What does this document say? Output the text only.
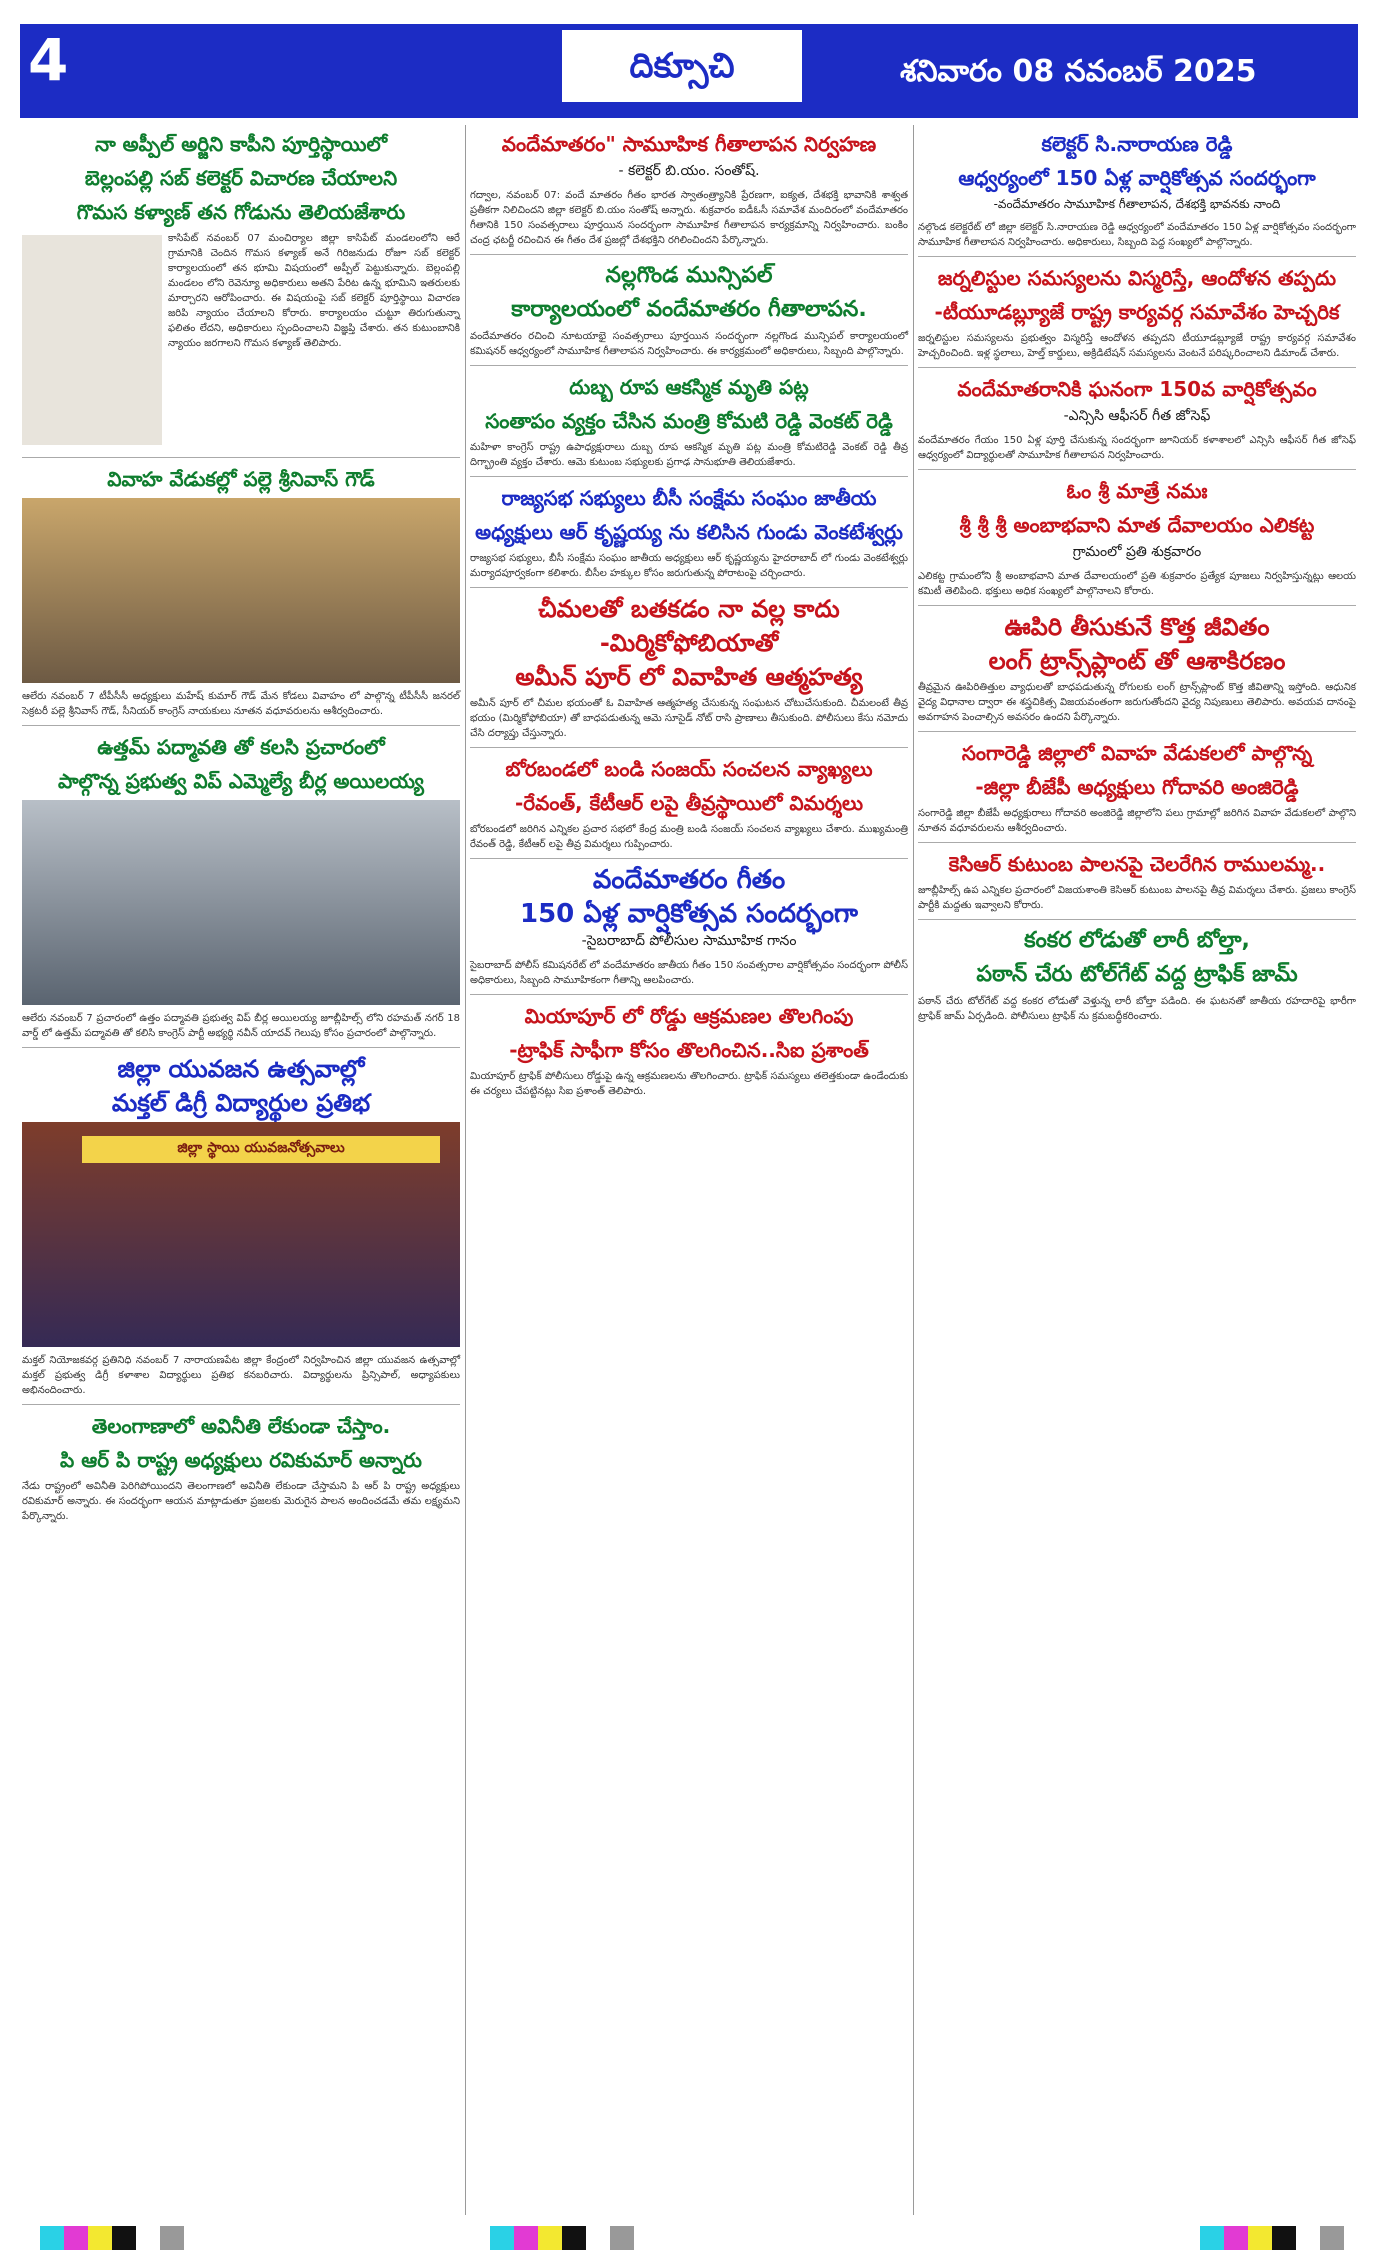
4	దిక్సూచి	శనివారం 08 నవంబర్ 2025
నా అప్పీల్ అర్జిని కాపీని పూర్తిస్థాయిలో
బెల్లంపల్లి సబ్ కలెక్టర్ విచారణ చేయాలని
గొమస కళ్యాణ్ తన గోడును తెలియజేశారు

కాసిపేట్ నవంబర్ 07 మంచిర్యాల జిల్లా కాసిపేట్ మండలంలోని ఆరే గ్రామానికి చెందిన గొమస కళ్యాణ్ అనే గిరిజనుడు రోజూ సబ్ కలెక్టర్ కార్యాలయంలో తన భూమి విషయంలో అప్పీల్ పెట్టుకున్నారు. బెల్లంపల్లి మండలం లోని రెవెన్యూ అధికారులు అతని పేరిట ఉన్న భూమిని ఇతరులకు మార్చారని ఆరోపించారు. ఈ విషయంపై సబ్ కలెక్టర్ పూర్తిస్థాయి విచారణ జరిపి న్యాయం చేయాలని కోరారు. కార్యాలయం చుట్టూ తిరుగుతున్నా ఫలితం లేదని, అధికారులు స్పందించాలని విజ్ఞప్తి చేశారు. తన కుటుంబానికి న్యాయం జరగాలని గొమస కళ్యాణ్ తెలిపారు.

వివాహ వేడుకల్లో పల్లె శ్రీనివాస్ గౌడ్

ఆలేరు నవంబర్ 7 టీపీసీసీ అధ్యక్షులు మహేష్ కుమార్ గౌడ్ మేన కోడలు వివాహం లో పాల్గొన్న టీపీసీసీ జనరల్ సెక్రటరీ పల్లె శ్రీనివాస్ గౌడ్, సీనియర్ కాంగ్రెస్ నాయకులు నూతన వధూవరులను ఆశీర్వదించారు.

ఉత్తమ్ పద్మావతి తో కలసి ప్రచారంలో
పాల్గొన్న ప్రభుత్వ విప్ ఎమ్మెల్యే బీర్ల అయిలయ్య

ఆలేరు నవంబర్ 7 ప్రచారంలో ఉత్తం పద్మావతి ప్రభుత్వ విప్ బీర్ల అయిలయ్య జూబ్లీహిల్స్ లోని రహమత్ నగర్ 18 వార్డ్ లో ఉత్తమ్ పద్మావతి తో కలిసి కాంగ్రెస్ పార్టీ అభ్యర్థి నవీన్ యాదవ్ గెలుపు కోసం ప్రచారంలో పాల్గొన్నారు.

జిల్లా యువజన ఉత్సవాల్లో
మక్తల్ డిగ్రీ విద్యార్థుల ప్రతిభ
జిల్లా స్థాయి యువజనోత్సవాలు

మక్తల్ నియోజకవర్గ ప్రతినిధి నవంబర్ 7 నారాయణపేట జిల్లా కేంద్రంలో నిర్వహించిన జిల్లా యువజన ఉత్సవాల్లో మక్తల్ ప్రభుత్వ డిగ్రీ కళాశాల విద్యార్థులు ప్రతిభ కనబరిచారు. విద్యార్థులను ప్రిన్సిపాల్, అధ్యాపకులు అభినందించారు.

తెలంగాణాలో అవినీతి లేకుండా చేస్తాం.
పి ఆర్ పి రాష్ట్ర అధ్యక్షులు రవికుమార్ అన్నారు

నేడు రాష్ట్రంలో అవినీతి పెరిగిపోయిందని తెలంగాణలో అవినీతి లేకుండా చేస్తామని పి ఆర్ పి రాష్ట్ర అధ్యక్షులు రవికుమార్ అన్నారు. ఈ సందర్భంగా ఆయన మాట్లాడుతూ ప్రజలకు మెరుగైన పాలన అందించడమే తమ లక్ష్యమని పేర్కొన్నారు.

వందేమాతరం" సామూహిక గీతాలాపన నిర్వహణ
- కలెక్టర్ బి.యం. సంతోష్.

గద్వాల, నవంబర్ 07: వందే మాతరం గీతం భారత స్వాతంత్ర్యానికి ప్రేరణగా, ఐక్యత, దేశభక్తి భావానికి శాశ్వత ప్రతీకగా నిలిచిందని జిల్లా కలెక్టర్ బి.యం సంతోష్ అన్నారు. శుక్రవారం ఐడీఓసీ సమావేశ మందిరంలో వందేమాతరం గీతానికి 150 సంవత్సరాలు పూర్తయిన సందర్భంగా సామూహిక గీతాలాపన కార్యక్రమాన్ని నిర్వహించారు. బంకిం చంద్ర ఛటర్జీ రచించిన ఈ గీతం దేశ ప్రజల్లో దేశభక్తిని రగిలించిందని పేర్కొన్నారు.

నల్లగొండ మున్సిపల్
కార్యాలయంలో వందేమాతరం గీతాలాపన.

వందేమాతరం రచించి నూటయాభై సంవత్సరాలు పూర్తయిన సందర్భంగా నల్లగొండ మున్సిపల్ కార్యాలయంలో కమిషనర్ ఆధ్వర్యంలో సామూహిక గీతాలాపన నిర్వహించారు. ఈ కార్యక్రమంలో అధికారులు, సిబ్బంది పాల్గొన్నారు.

దుబ్బ రూప ఆకస్మిక మృతి పట్ల
సంతాపం వ్యక్తం చేసిన మంత్రి కోమటి రెడ్డి వెంకట్ రెడ్డి

మహిళా కాంగ్రెస్ రాష్ట్ర ఉపాధ్యక్షురాలు దుబ్బ రూప ఆకస్మిక మృతి పట్ల మంత్రి కోమటిరెడ్డి వెంకట్ రెడ్డి తీవ్ర దిగ్భ్రాంతి వ్యక్తం చేశారు. ఆమె కుటుంబ సభ్యులకు ప్రగాఢ సానుభూతి తెలియజేశారు.

రాజ్యసభ సభ్యులు బీసీ సంక్షేమ సంఘం జాతీయ
అధ్యక్షులు ఆర్ కృష్ణయ్య ను కలిసిన గుండు వెంకటేశ్వర్లు

రాజ్యసభ సభ్యులు, బీసీ సంక్షేమ సంఘం జాతీయ అధ్యక్షులు ఆర్ కృష్ణయ్యను హైదరాబాద్ లో గుండు వెంకటేశ్వర్లు మర్యాదపూర్వకంగా కలిశారు. బీసీల హక్కుల కోసం జరుగుతున్న పోరాటంపై చర్చించారు.

చీమలతో బతకడం నా వల్ల కాదు
-మిర్మికోఫోబియాతో
అమీన్ పూర్ లో వివాహిత ఆత్మహత్య

అమీన్ పూర్ లో చీమల భయంతో ఓ వివాహిత ఆత్మహత్య చేసుకున్న సంఘటన చోటుచేసుకుంది. చీమలంటే తీవ్ర భయం (మిర్మికోఫోబియా) తో బాధపడుతున్న ఆమె సూసైడ్ నోట్ రాసి ప్రాణాలు తీసుకుంది. పోలీసులు కేసు నమోదు చేసి దర్యాప్తు చేస్తున్నారు.

బోరబండలో బండి సంజయ్ సంచలన వ్యాఖ్యలు
-రేవంత్, కేటీఆర్ లపై తీవ్రస్థాయిలో విమర్శలు

బోరబండలో జరిగిన ఎన్నికల ప్రచార సభలో కేంద్ర మంత్రి బండి సంజయ్ సంచలన వ్యాఖ్యలు చేశారు. ముఖ్యమంత్రి రేవంత్ రెడ్డి, కేటీఆర్ లపై తీవ్ర విమర్శలు గుప్పించారు.

వందేమాతరం గీతం
150 ఏళ్ల వార్షికోత్సవ సందర్భంగా
-సైబరాబాద్ పోలీసుల సామూహిక గానం

సైబరాబాద్ పోలీస్ కమిషనరేట్ లో వందేమాతరం జాతీయ గీతం 150 సంవత్సరాల వార్షికోత్సవం సందర్భంగా పోలీస్ అధికారులు, సిబ్బంది సామూహికంగా గీతాన్ని ఆలపించారు.

మియాపూర్ లో రోడ్డు ఆక్రమణల తొలగింపు
-ట్రాఫిక్ సాఫీగా కోసం తొలగించిన..సిఐ ప్రశాంత్

మియాపూర్ ట్రాఫిక్ పోలీసులు రోడ్డుపై ఉన్న ఆక్రమణలను తొలగించారు. ట్రాఫిక్ సమస్యలు తలెత్తకుండా ఉండేందుకు ఈ చర్యలు చేపట్టినట్లు సిఐ ప్రశాంత్ తెలిపారు.

కలెక్టర్ సి.నారాయణ రెడ్డి
ఆధ్వర్యంలో 150 ఏళ్ల వార్షికోత్సవ సందర్భంగా
-వందేమాతరం సామూహిక గీతాలాపన, దేశభక్తి భావనకు నాంది

నల్గొండ కలెక్టరేట్ లో జిల్లా కలెక్టర్ సి.నారాయణ రెడ్డి ఆధ్వర్యంలో వందేమాతరం 150 ఏళ్ల వార్షికోత్సవం సందర్భంగా సామూహిక గీతాలాపన నిర్వహించారు. అధికారులు, సిబ్బంది పెద్ద సంఖ్యలో పాల్గొన్నారు.

జర్నలిస్టుల సమస్యలను విస్మరిస్తే, ఆందోళన తప్పదు
-టీయూడబ్ల్యూజే రాష్ట్ర కార్యవర్గ సమావేశం హెచ్చరిక

జర్నలిస్టుల సమస్యలను ప్రభుత్వం విస్మరిస్తే ఆందోళన తప్పదని టీయూడబ్ల్యూజే రాష్ట్ర కార్యవర్గ సమావేశం హెచ్చరించింది. ఇళ్ల స్థలాలు, హెల్త్ కార్డులు, అక్రిడిటేషన్ సమస్యలను వెంటనే పరిష్కరించాలని డిమాండ్ చేశారు.

వందేమాతరానికి ఘనంగా 150వ వార్షికోత్సవం
-ఎన్సిసి ఆఫీసర్ గీత జోసెఫ్

వందేమాతరం గేయం 150 ఏళ్ల పూర్తి చేసుకున్న సందర్భంగా జూనియర్ కళాశాలలో ఎన్సిసి ఆఫీసర్ గీత జోసెఫ్ ఆధ్వర్యంలో విద్యార్థులతో సామూహిక గీతాలాపన నిర్వహించారు.

ఓం శ్రీ మాత్రే నమః
శ్రీ శ్రీ శ్రీ అంబాభవాని మాత దేవాలయం ఎలికట్ట
గ్రామంలో ప్రతి శుక్రవారం

ఎలికట్ట గ్రామంలోని శ్రీ అంబాభవాని మాత దేవాలయంలో ప్రతి శుక్రవారం ప్రత్యేక పూజలు నిర్వహిస్తున్నట్లు ఆలయ కమిటీ తెలిపింది. భక్తులు అధిక సంఖ్యలో పాల్గొనాలని కోరారు.

ఊపిరి తీసుకునే కొత్త జీవితం
లంగ్ ట్రాన్స్‌ప్లాంట్ తో ఆశాకిరణం

తీవ్రమైన ఊపిరితిత్తుల వ్యాధులతో బాధపడుతున్న రోగులకు లంగ్ ట్రాన్స్‌ప్లాంట్ కొత్త జీవితాన్ని ఇస్తోంది. ఆధునిక వైద్య విధానాల ద్వారా ఈ శస్త్రచికిత్స విజయవంతంగా జరుగుతోందని వైద్య నిపుణులు తెలిపారు. అవయవ దానంపై అవగాహన పెంచాల్సిన అవసరం ఉందని పేర్కొన్నారు.

సంగారెడ్డి జిల్లాలో వివాహ వేడుకలలో పాల్గొన్న
-జిల్లా బీజేపీ అధ్యక్షులు గోదావరి అంజిరెడ్డి

సంగారెడ్డి జిల్లా బీజేపీ అధ్యక్షురాలు గోదావరి అంజిరెడ్డి జిల్లాలోని పలు గ్రామాల్లో జరిగిన వివాహ వేడుకలలో పాల్గొని నూతన వధూవరులను ఆశీర్వదించారు.

కెసిఆర్ కుటుంబ పాలనపై చెలరేగిన రాములమ్మ..

జూబ్లీహిల్స్ ఉప ఎన్నికల ప్రచారంలో విజయశాంతి కెసిఆర్ కుటుంబ పాలనపై తీవ్ర విమర్శలు చేశారు. ప్రజలు కాంగ్రెస్ పార్టీకి మద్దతు ఇవ్వాలని కోరారు.

కంకర లోడుతో లారీ బోల్తా,
పఠాన్ చేరు టోల్‌గేట్ వద్ద ట్రాఫిక్ జామ్

పఠాన్ చేరు టోల్‌గేట్ వద్ద కంకర లోడుతో వెళ్తున్న లారీ బోల్తా పడింది. ఈ ఘటనతో జాతీయ రహదారిపై భారీగా ట్రాఫిక్ జామ్ ఏర్పడింది. పోలీసులు ట్రాఫిక్ ను క్రమబద్ధీకరించారు.
